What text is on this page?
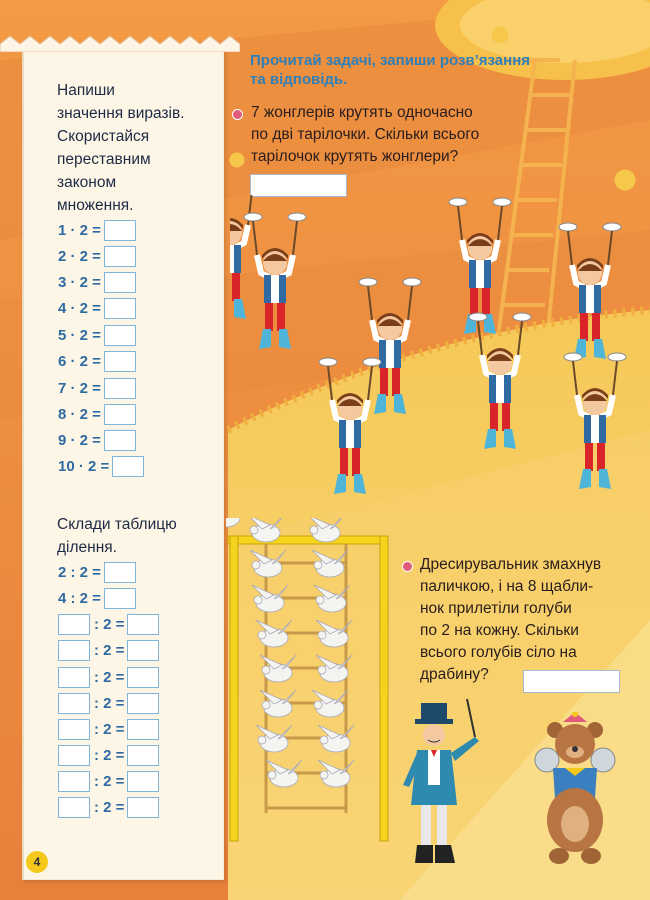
Напиши
значення виразів.
Скористайся
переставним
законом
множення.
1 · 2 =
2 · 2 =
3 · 2 =
4 · 2 =
5 · 2 =
6 · 2 =
7 · 2 =
8 · 2 =
9 · 2 =
10 · 2 =
Склади таблицю
ділення.
2 : 2 =
4 : 2 =
: 2 =
: 2 =
: 2 =
: 2 =
: 2 =
: 2 =
: 2 =
: 2 =
4
Прочитай задачі, запиши розв’язання
та відповідь.
7 жонглерів крутять одночасно
по дві тарілочки. Скільки всього
тарілочок крутять жонглери?
Дресирувальник змахнув
паличкою, і на 8 щабли-
нок прилетіли голуби
по 2 на кожну. Скільки
всього голубів сіло на
драбину?
